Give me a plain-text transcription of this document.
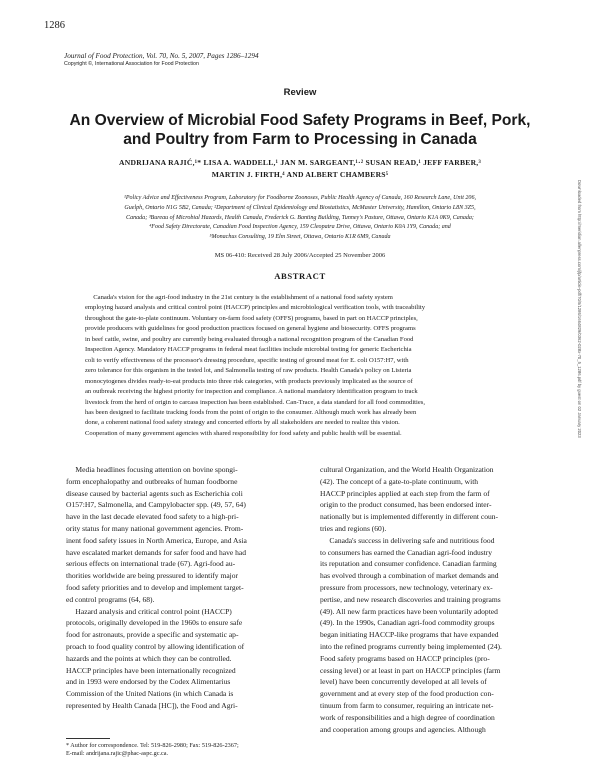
1286
Journal of Food Protection, Vol. 70, No. 5, 2007, Pages 1286–1294
Copyright ©, International Association for Food Protection
Review
An Overview of Microbial Food Safety Programs in Beef, Pork,
and Poultry from Farm to Processing in Canada
ANDRIJANA RAJIĆ,¹* LISA A. WADDELL,¹ JAN M. SARGEANT,¹·² SUSAN READ,¹ JEFF FARBER,³
MARTIN J. FIRTH,⁴ AND ALBERT CHAMBERS⁵
¹Policy Advice and Effectiveness Program, Laboratory for Foodborne Zoonoses, Public Health Agency of Canada, 160 Research Lane, Unit 206,
Guelph, Ontario N1G 5B2, Canada; ²Department of Clinical Epidemiology and Biostatistics, McMaster University, Hamilton, Ontario L8N 3Z5,
Canada; ³Bureau of Microbial Hazards, Health Canada, Frederick G. Banting Building, Tunney's Pasture, Ottawa, Ontario K1A 0K9, Canada;
⁴Food Safety Directorate, Canadian Food Inspection Agency, 159 Cleopatra Drive, Ottawa, Ontario K0A 1Y9, Canada; and
⁵Monachus Consulting, 19 Elm Street, Ottawa, Ontario K1R 6M9, Canada
MS 06-410: Received 28 July 2006/Accepted 25 November 2006
ABSTRACT
Canada's vision for the agri-food industry in the 21st century is the establishment of a national food safety system
employing hazard analysis and critical control point (HACCP) principles and microbiological verification tools, with traceability
throughout the gate-to-plate continuum. Voluntary on-farm food safety (OFFS) programs, based in part on HACCP principles,
provide producers with guidelines for good production practices focused on general hygiene and biosecurity. OFFS programs
in beef cattle, swine, and poultry are currently being evaluated through a national recognition program of the Canadian Food
Inspection Agency. Mandatory HACCP programs in federal meat facilities include microbial testing for generic Escherichia
coli to verify effectiveness of the processor's dressing procedure, specific testing of ground meat for E. coli O157:H7, with
zero tolerance for this organism in the tested lot, and Salmonella testing of raw products. Health Canada's policy on Listeria
monocytogenes divides ready-to-eat products into three risk categories, with products previously implicated as the source of
an outbreak receiving the highest priority for inspection and compliance. A national mandatory identification program to track
livestock from the herd of origin to carcass inspection has been established. Can-Trace, a data standard for all food commodities,
has been designed to facilitate tracking foods from the point of origin to the consumer. Although much work has already been
done, a coherent national food safety strategy and concerted efforts by all stakeholders are needed to realize this vision.
Cooperation of many government agencies with shared responsibility for food safety and public health will be essential.
Media headlines focusing attention on bovine spongi-
form encephalopathy and outbreaks of human foodborne
disease caused by bacterial agents such as Escherichia coli
O157:H7, Salmonella, and Campylobacter spp. (49, 57, 64)
have in the last decade elevated food safety to a high-pri-
ority status for many national government agencies. Prom-
inent food safety issues in North America, Europe, and Asia
have escalated market demands for safer food and have had
serious effects on international trade (67). Agri-food au-
thorities worldwide are being pressured to identify major
food safety priorities and to develop and implement target-
ed control programs (64, 68).
Hazard analysis and critical control point (HACCP)
protocols, originally developed in the 1960s to ensure safe
food for astronauts, provide a specific and systematic ap-
proach to food quality control by allowing identification of
hazards and the points at which they can be controlled.
HACCP principles have been internationally recognized
and in 1993 were endorsed by the Codex Alimentarius
Commission of the United Nations (in which Canada is
represented by Health Canada [HC]), the Food and Agri-
cultural Organization, and the World Health Organization
(42). The concept of a gate-to-plate continuum, with
HACCP principles applied at each step from the farm of
origin to the product consumed, has been endorsed inter-
nationally but is implemented differently in different coun-
tries and regions (60).
Canada's success in delivering safe and nutritious food
to consumers has earned the Canadian agri-food industry
its reputation and consumer confidence. Canadian farming
has evolved through a combination of market demands and
pressure from processors, new technology, veterinary ex-
pertise, and new research discoveries and training programs
(49). All new farm practices have been voluntarily adopted
(49). In the 1990s, Canadian agri-food commodity groups
began initiating HACCP-like programs that have expanded
into the refined programs currently being implemented (24).
Food safety programs based on HACCP principles (pro-
cessing level) or at least in part on HACCP principles (farm
level) have been concurrently developed at all levels of
government and at every step of the food production con-
tinuum from farm to consumer, requiring an intricate net-
work of responsibilities and a high degree of coordination
and cooperation among groups and agencies. Although
* Author for correspondence. Tel: 519-826-2980; Fax: 519-826-2367;
E-mail: andrijana.rajic@phac-aspc.gc.ca.
Downloaded from http://meridian.allenpress.com/jfp/article-pdf/70/5/1286/1664829/0362-028x-70_5_1286.pdf by guest on 02 January 2023
